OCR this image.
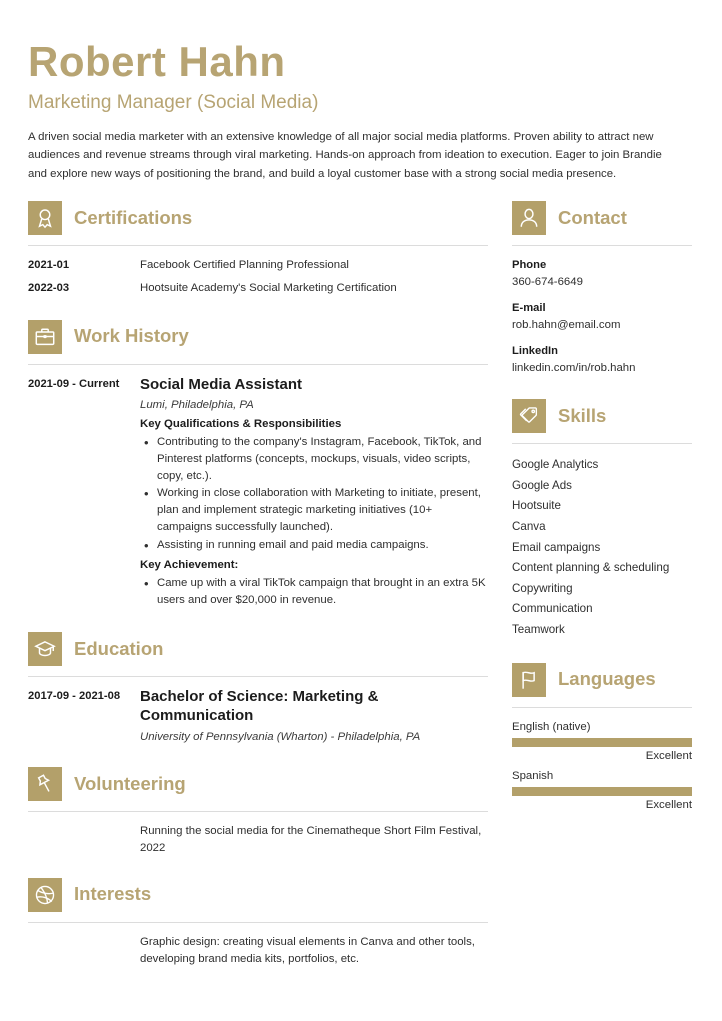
Robert Hahn
Marketing Manager (Social Media)
A driven social media marketer with an extensive knowledge of all major social media platforms. Proven ability to attract new audiences and revenue streams through viral marketing. Hands-on approach from ideation to execution. Eager to join Brandie and explore new ways of positioning the brand, and build a loyal customer base with a strong social media presence.
Certifications
2021-01	Facebook Certified Planning Professional
2022-03	Hootsuite Academy's Social Marketing Certification
Work History
2021-09 - Current	Social Media Assistant
Lumi, Philadelphia, PA
Key Qualifications & Responsibilities
• Contributing to the company's Instagram, Facebook, TikTok, and Pinterest platforms (concepts, mockups, visuals, video scripts, copy, etc.).
• Working in close collaboration with Marketing to initiate, present, plan and implement strategic marketing initiatives (10+ campaigns successfully launched).
• Assisting in running email and paid media campaigns.
Key Achievement:
• Came up with a viral TikTok campaign that brought in an extra 5K users and over $20,000 in revenue.
Education
2017-09 - 2021-08	Bachelor of Science: Marketing & Communication
University of Pennsylvania (Wharton) - Philadelphia, PA
Volunteering
Running the social media for the Cinematheque Short Film Festival, 2022
Interests
Graphic design: creating visual elements in Canva and other tools, developing brand media kits, portfolios, etc.
Contact
Phone
360-674-6649
E-mail
rob.hahn@email.com
LinkedIn
linkedin.com/in/rob.hahn
Skills
Google Analytics
Google Ads
Hootsuite
Canva
Email campaigns
Content planning & scheduling
Copywriting
Communication
Teamwork
Languages
English (native)
Excellent
Spanish
Excellent
